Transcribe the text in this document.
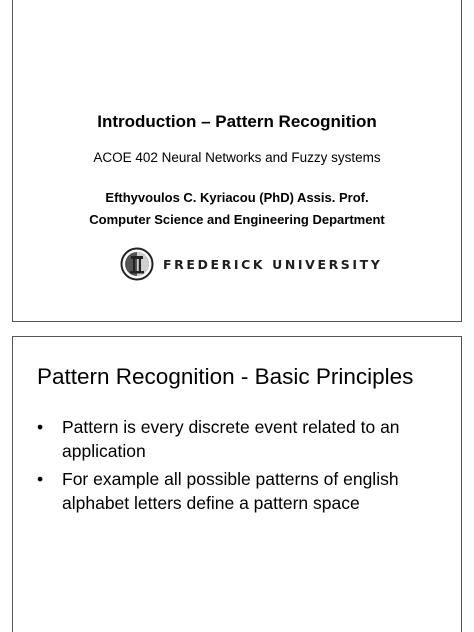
Introduction – Pattern Recognition
ACOE 402 Neural Networks and Fuzzy systems
Efthyvoulos C. Kyriacou (PhD) Assis. Prof.
Computer Science and Engineering Department
FREDERICK UNIVERSITY
Pattern Recognition - Basic Principles
• Pattern is every discrete event related to an application
• For example all possible patterns of english alphabet letters define a pattern space
